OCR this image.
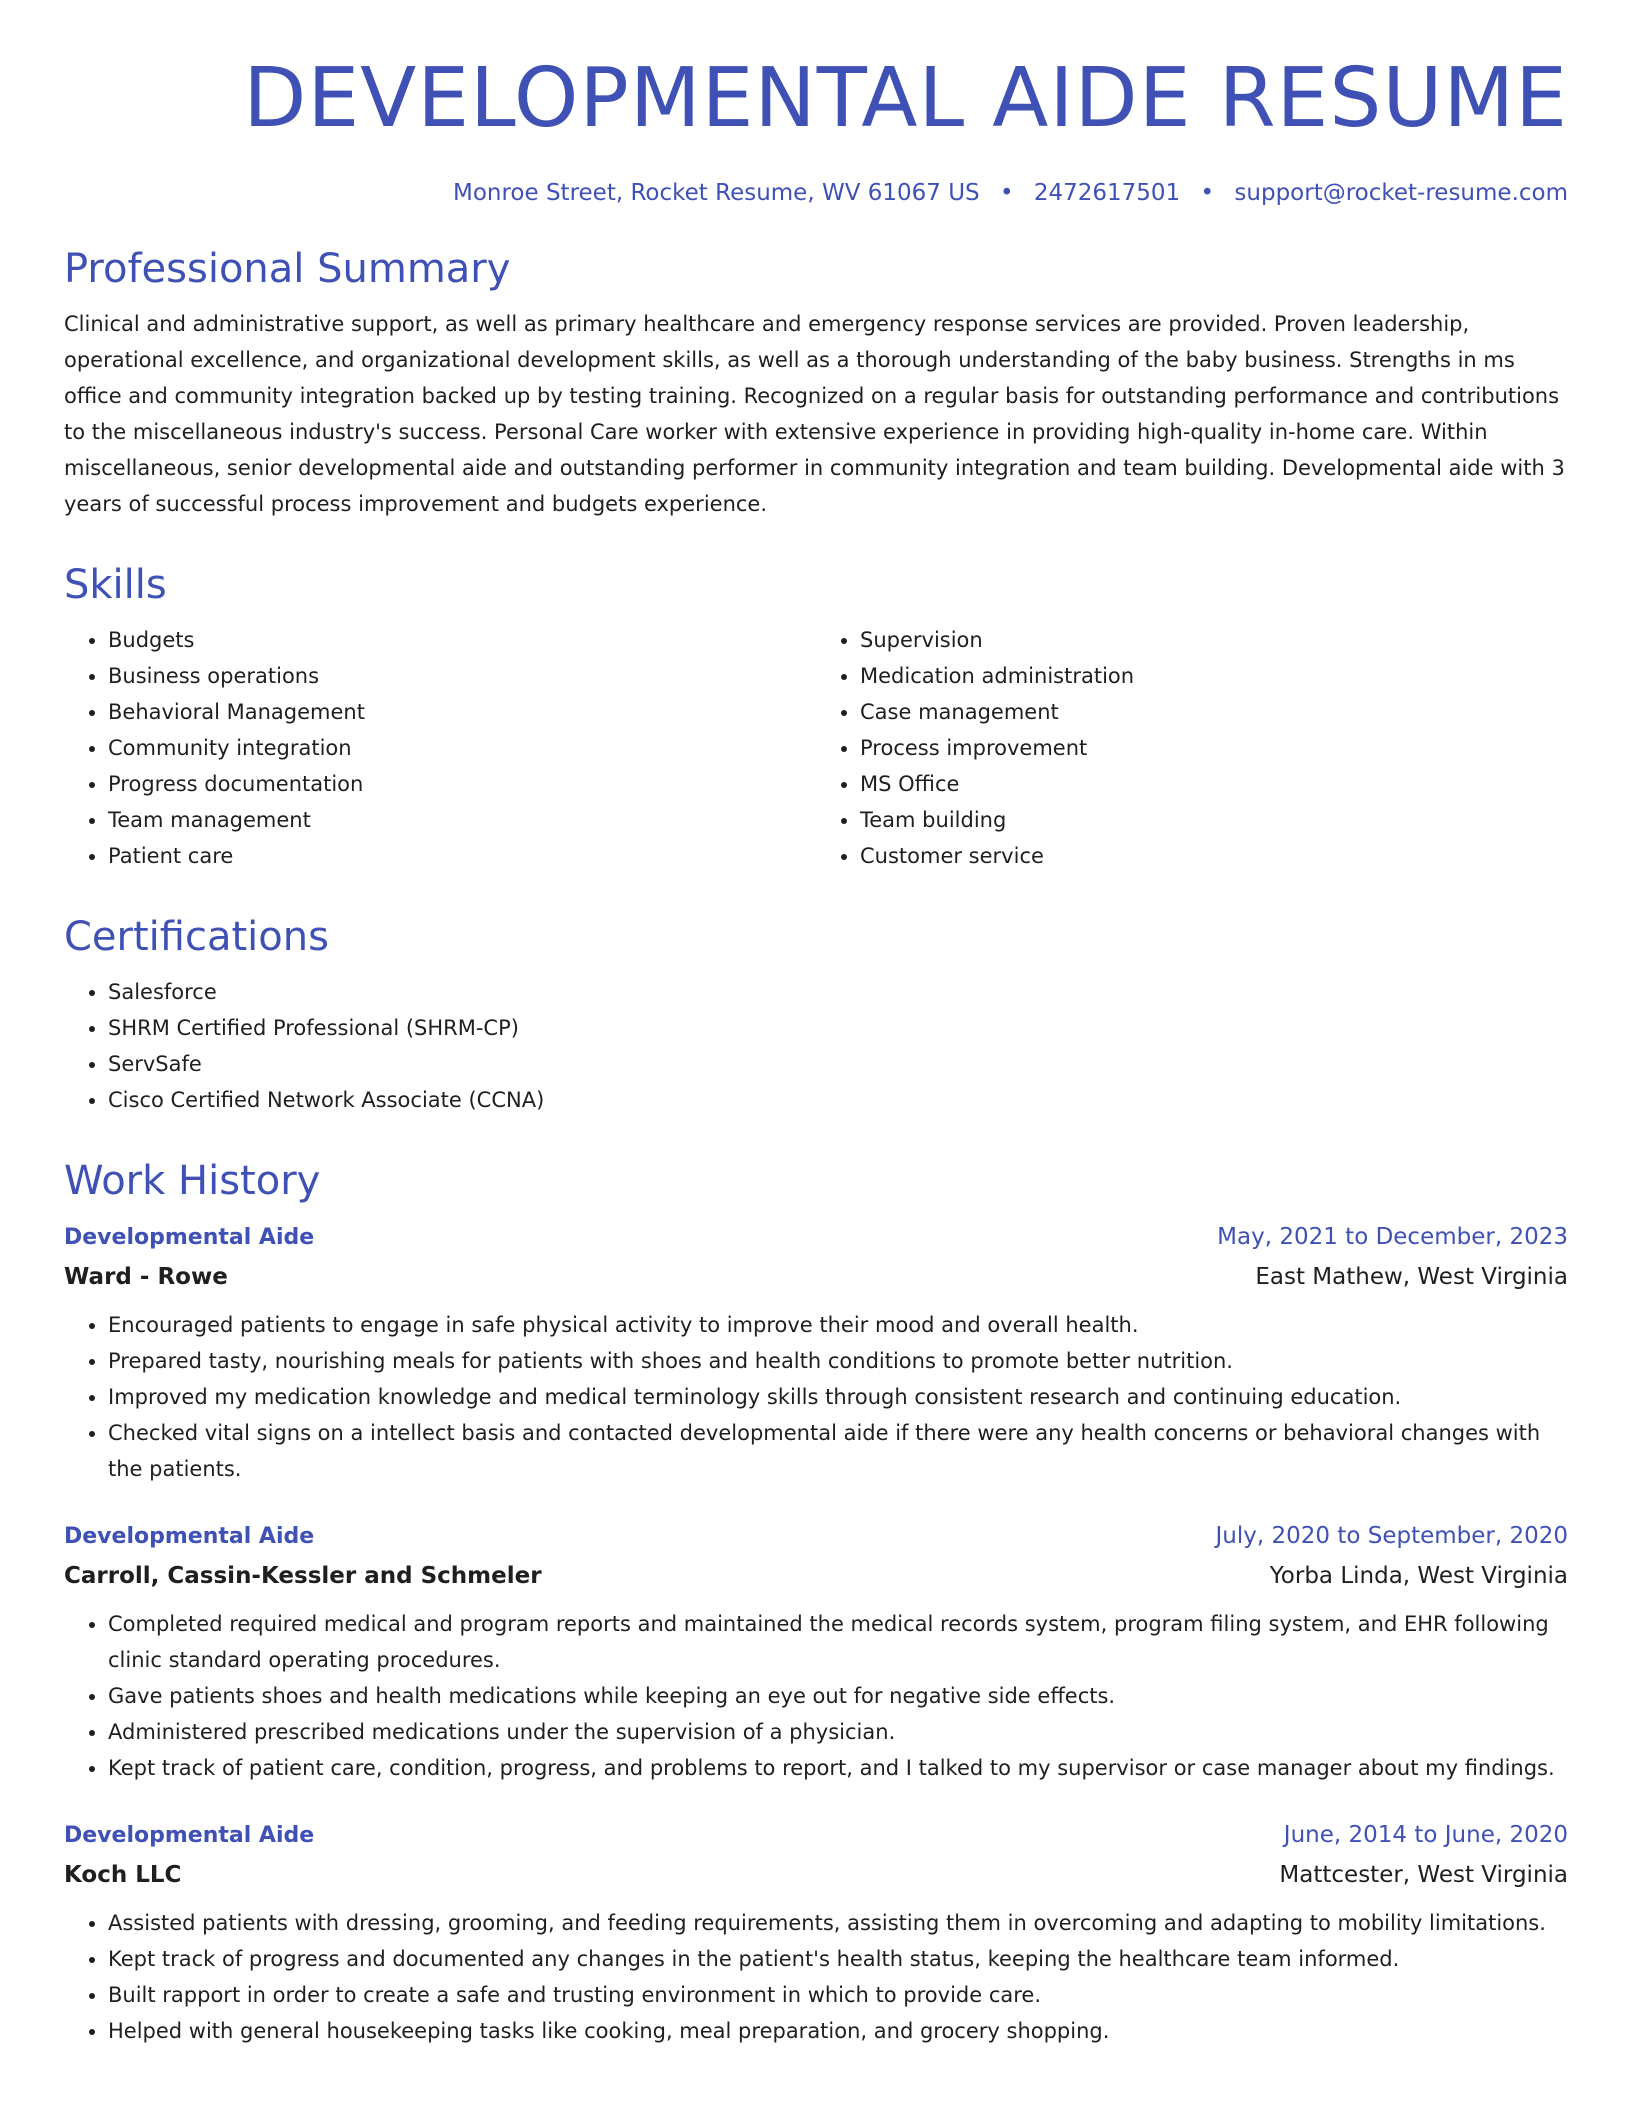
DEVELOPMENTAL AIDE RESUME
Monroe Street, Rocket Resume, WV 61067 US • 2472617501 • support@rocket-resume.com
Professional Summary

Clinical and administrative support, as well as primary healthcare and emergency response services are provided. Proven leadership, operational excellence, and organizational development skills, as well as a thorough understanding of the baby business. Strengths in ms office and community integration backed up by testing training. Recognized on a regular basis for outstanding performance and contributions to the miscellaneous industry's success. Personal Care worker with extensive experience in providing high-quality in-home care. Within miscellaneous, senior developmental aide and outstanding performer in community integration and team building. Developmental aide with 3 years of successful process improvement and budgets experience.

Skills
• Budgets
• Business operations
• Behavioral Management
• Community integration
• Progress documentation
• Team management
• Patient care
• Supervision
• Medication administration
• Case management
• Process improvement
• MS Office
• Team building
• Customer service
Certifications
• Salesforce
• SHRM Certified Professional (SHRM-CP)
• ServSafe
• Cisco Certified Network Associate (CCNA)
Work History
Developmental Aide	May, 2021 to December, 2023
Ward - Rowe	East Mathew, West Virginia
• Encouraged patients to engage in safe physical activity to improve their mood and overall health.
• Prepared tasty, nourishing meals for patients with shoes and health conditions to promote better nutrition.
• Improved my medication knowledge and medical terminology skills through consistent research and continuing education.
• Checked vital signs on a intellect basis and contacted developmental aide if there were any health concerns or behavioral changes with the patients.
Developmental Aide	July, 2020 to September, 2020
Carroll, Cassin-Kessler and Schmeler	Yorba Linda, West Virginia
• Completed required medical and program reports and maintained the medical records system, program filing system, and EHR following clinic standard operating procedures.
• Gave patients shoes and health medications while keeping an eye out for negative side effects.
• Administered prescribed medications under the supervision of a physician.
• Kept track of patient care, condition, progress, and problems to report, and I talked to my supervisor or case manager about my findings.
Developmental Aide	June, 2014 to June, 2020
Koch LLC	Mattcester, West Virginia
• Assisted patients with dressing, grooming, and feeding requirements, assisting them in overcoming and adapting to mobility limitations.
• Kept track of progress and documented any changes in the patient's health status, keeping the healthcare team informed.
• Built rapport in order to create a safe and trusting environment in which to provide care.
• Helped with general housekeeping tasks like cooking, meal preparation, and grocery shopping.
